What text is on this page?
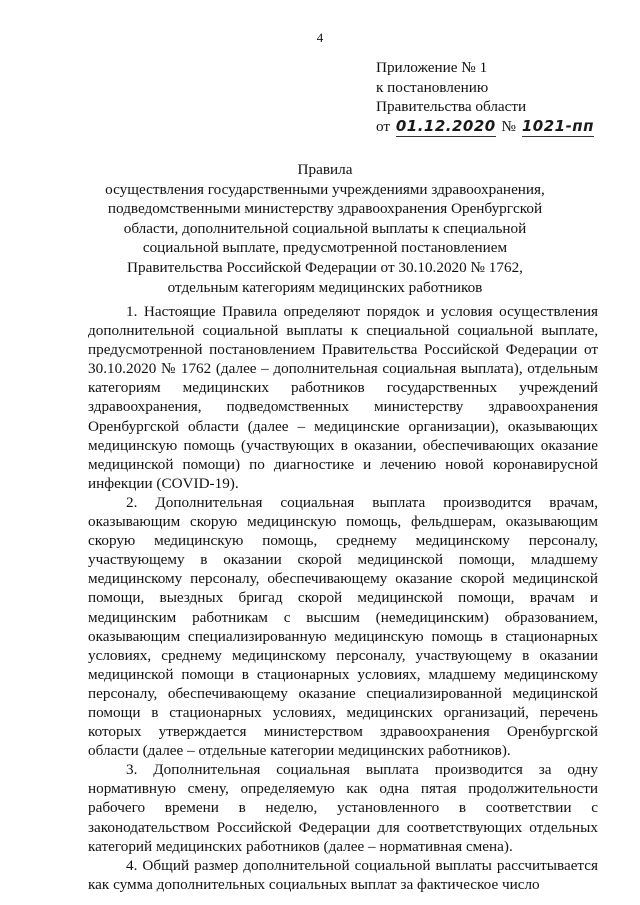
4
Приложение № 1
к постановлению
Правительства области
от 01.12.2020 № 1021-пп
Правила
осуществления государственными учреждениями здравоохранения, подведомственными министерству здравоохранения Оренбургской области, дополнительной социальной выплаты к специальной социальной выплате, предусмотренной постановлением Правительства Российской Федерации от 30.10.2020 № 1762, отдельным категориям медицинских работников

1. Настоящие Правила определяют порядок и условия осуществления дополнительной социальной выплаты к специальной социальной выплате, предусмотренной постановлением Правительства Российской Федерации от 30.10.2020 № 1762 (далее – дополнительная социальная выплата), отдельным категориям медицинских работников государственных учреждений здравоохранения, подведомственных министерству здравоохранения Оренбургской области (далее – медицинские организации), оказывающих медицинскую помощь (участвующих в оказании, обеспечивающих оказание медицинской помощи) по диагностике и лечению новой коронавирусной инфекции (COVID-19).

2. Дополнительная социальная выплата производится врачам, оказывающим скорую медицинскую помощь, фельдшерам, оказывающим скорую медицинскую помощь, среднему медицинскому персоналу, участвующему в оказании скорой медицинской помощи, младшему медицинскому персоналу, обеспечивающему оказание скорой медицинской помощи, выездных бригад скорой медицинской помощи, врачам и медицинским работникам с высшим (немедицинским) образованием, оказывающим специализированную медицинскую помощь в стационарных условиях, среднему медицинскому персоналу, участвующему в оказании медицинской помощи в стационарных условиях, младшему медицинскому персоналу, обеспечивающему оказание специализированной медицинской помощи в стационарных условиях, медицинских организаций, перечень которых утверждается министерством здравоохранения Оренбургской области (далее – отдельные категории медицинских работников).

3. Дополнительная социальная выплата производится за одну нормативную смену, определяемую как одна пятая продолжительности рабочего времени в неделю, установленного в соответствии с законодательством Российской Федерации для соответствующих отдельных категорий медицинских работников (далее – нормативная смена).

4. Общий размер дополнительной социальной выплаты рассчитывается как сумма дополнительных социальных выплат за фактическое число
